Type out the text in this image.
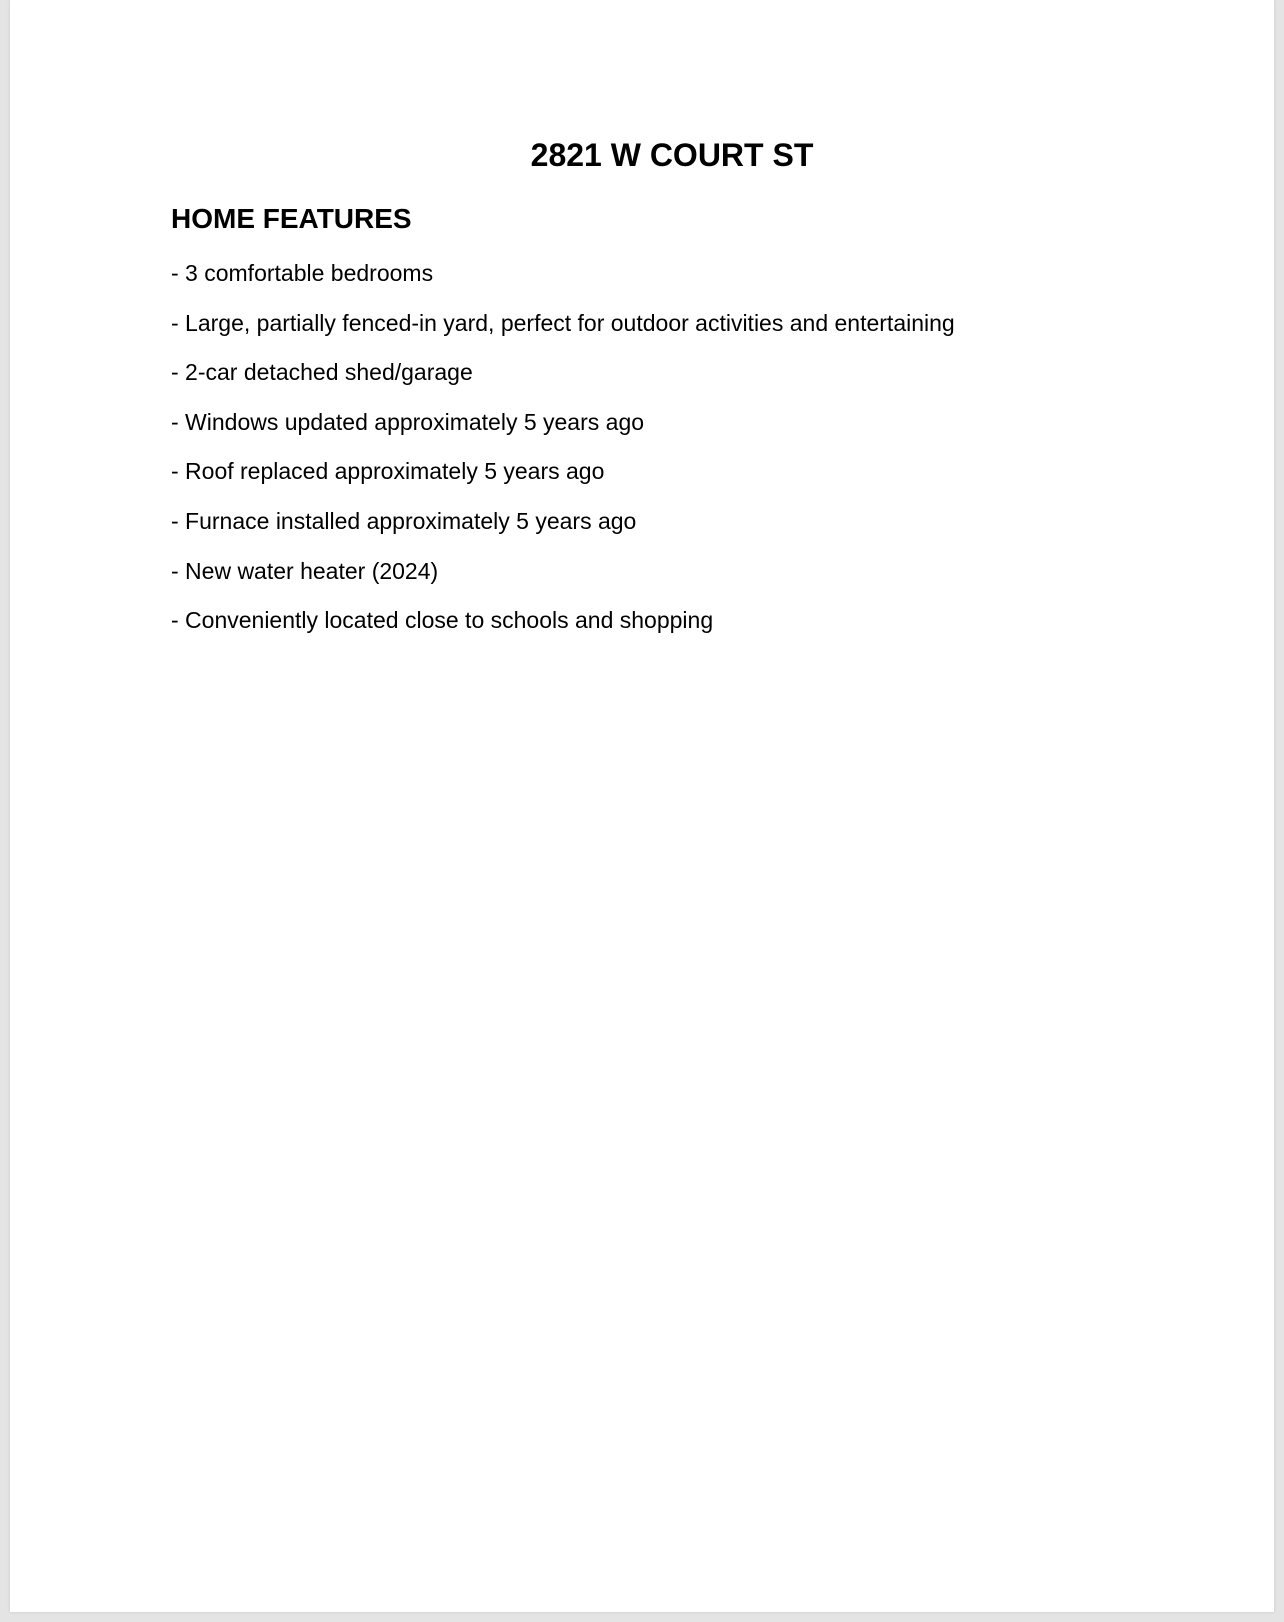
2821 W COURT ST
HOME FEATURES
- 3 comfortable bedrooms
- Large, partially fenced-in yard, perfect for outdoor activities and entertaining
- 2-car detached shed/garage
- Windows updated approximately 5 years ago
- Roof replaced approximately 5 years ago
- Furnace installed approximately 5 years ago
- New water heater (2024)
- Conveniently located close to schools and shopping
